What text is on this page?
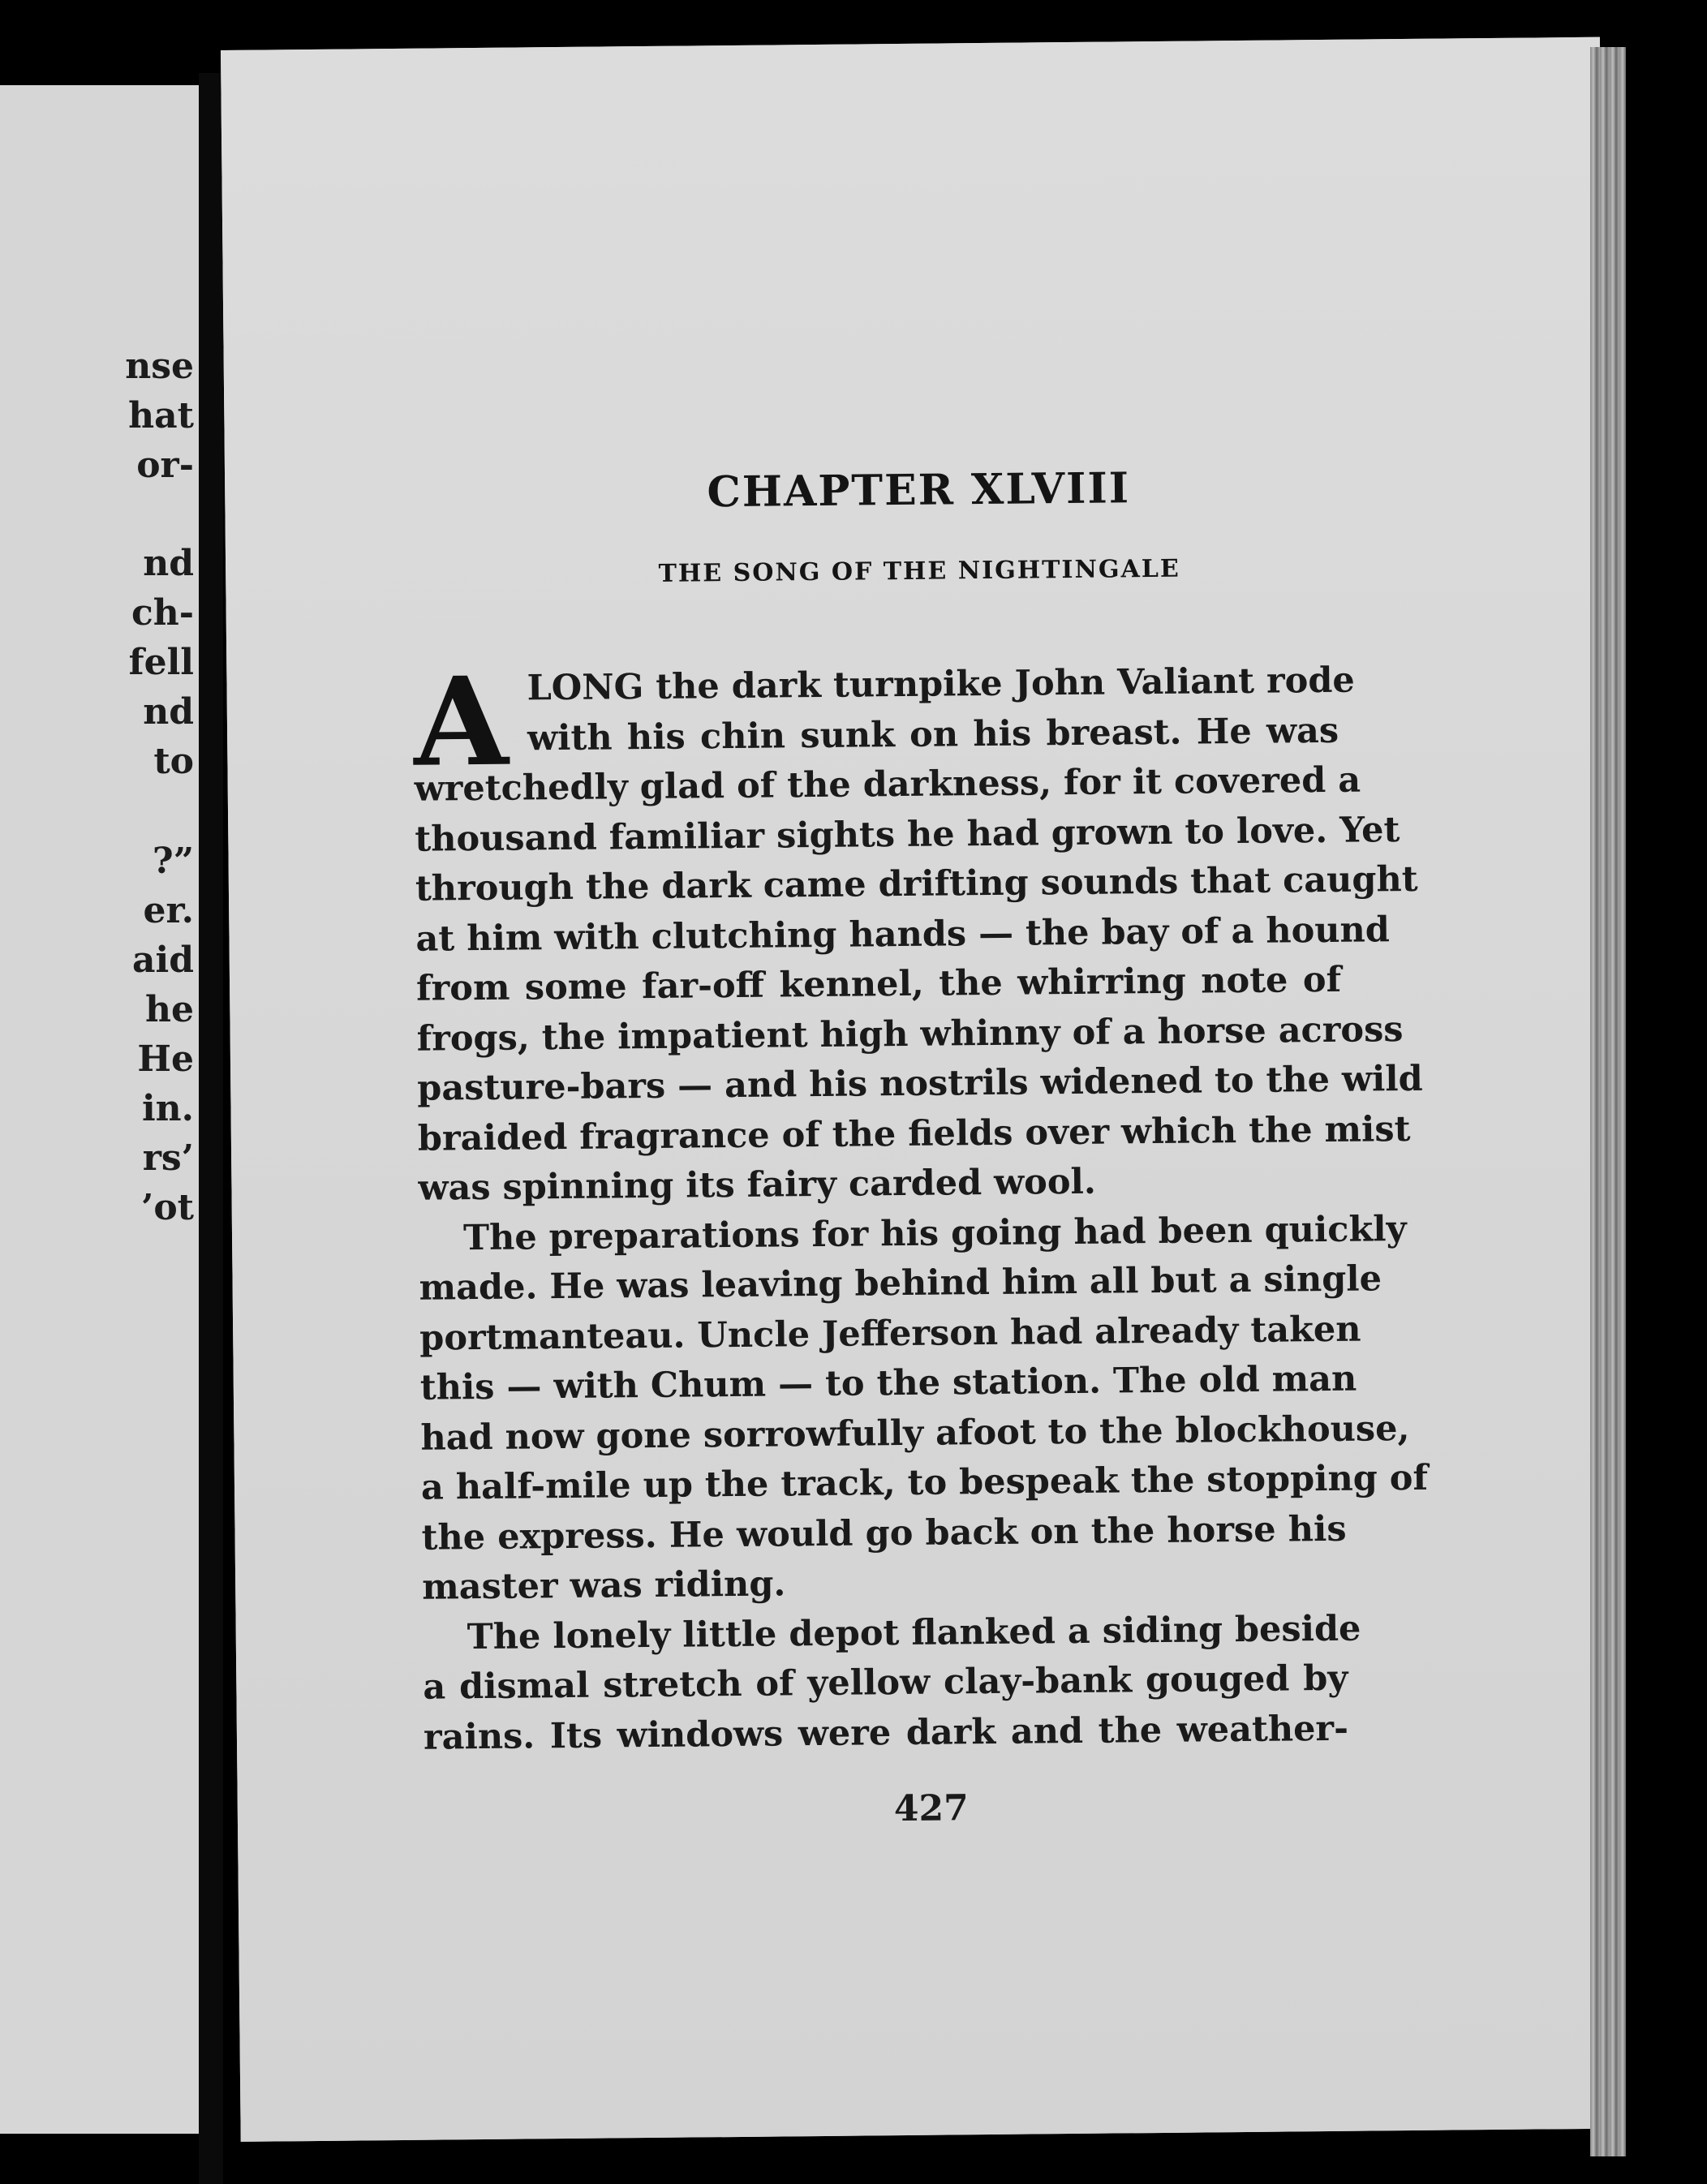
nse
hat
or-
nd
ch-
fell
nd
to
?”
er.
aid
he
He
in.
rs’
’ot
CHAPTER XLVIII
THE SONG OF THE NIGHTINGALE
A LONG the dark turnpike John Valiant rode
with his chin sunk on his breast. He was
wretchedly glad of the darkness, for it covered a
thousand familiar sights he had grown to love. Yet
through the dark came drifting sounds that caught
at him with clutching hands — the bay of a hound
from some far-off kennel, the whirring note of
frogs, the impatient high whinny of a horse across
pasture-bars — and his nostrils widened to the wild
braided fragrance of the fields over which the mist
was spinning its fairy carded wool.
The preparations for his going had been quickly
made. He was leaving behind him all but a single
portmanteau. Uncle Jefferson had already taken
this — with Chum — to the station. The old man
had now gone sorrowfully afoot to the blockhouse,
a half-mile up the track, to bespeak the stopping of
the express. He would go back on the horse his
master was riding.
The lonely little depot flanked a siding beside
a dismal stretch of yellow clay-bank gouged by
rains. Its windows were dark and the weather-
427
